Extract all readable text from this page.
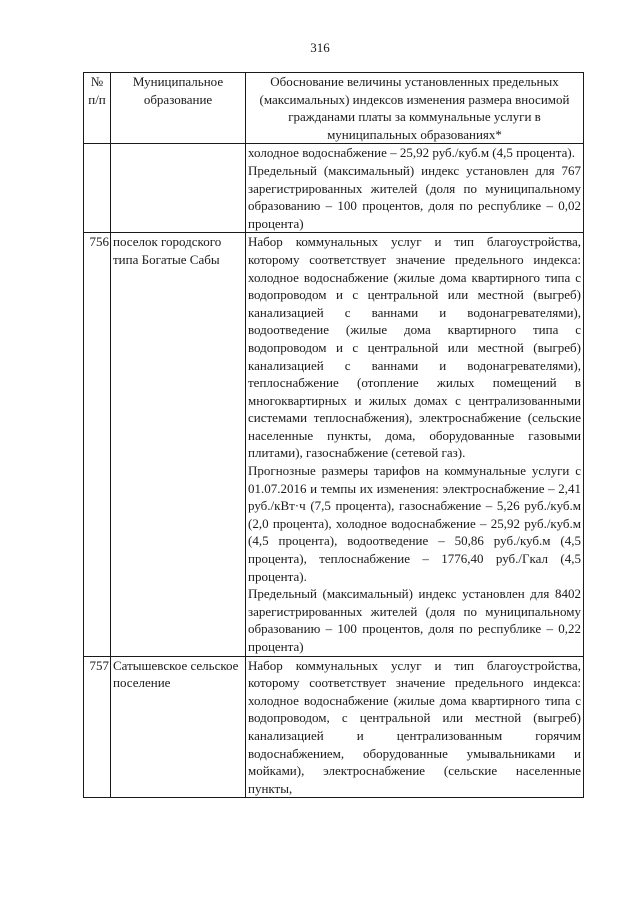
316
№ п/п	Муниципальное образование	Обоснование величины установленных предельных (максимальных) индексов изменения размера вносимой гражданами платы за коммунальные услуги в муниципальных образованиях*

		холодное водоснабжение – 25,92 руб./куб.м (4,5 процента).

Предельный (максимальный) индекс установлен для 767 зарегистрированных жителей (доля по муниципальному образованию – 100 процентов, доля по республике – 0,02 процента)

756	поселок городского типа Богатые Сабы	Набор коммунальных услуг и тип благоустройства, которому соответствует значение предельного индекса: холодное водоснабжение (жилые дома квартирного типа с водопроводом и с центральной или местной (выгреб) канализацией с ваннами и водонагревателями), водоотведение (жилые дома квартирного типа с водопроводом и с центральной или местной (выгреб) канализацией с ваннами и водонагревателями), теплоснабжение (отопление жилых помещений в многоквартирных и жилых домах с централизованными системами теплоснабжения), электроснабжение (сельские населенные пункты, дома, оборудованные газовыми плитами), газоснабжение (сетевой газ).

Прогнозные размеры тарифов на коммунальные услуги с 01.07.2016 и темпы их изменения: электроснабжение – 2,41 руб./кВт·ч (7,5 процента), газоснабжение – 5,26 руб./куб.м (2,0 процента), холодное водоснабжение – 25,92 руб./куб.м (4,5 процента), водоотведение – 50,86 руб./куб.м (4,5 процента), теплоснабжение – 1776,40 руб./Гкал (4,5 процента).

Предельный (максимальный) индекс установлен для 8402 зарегистрированных жителей (доля по муниципальному образованию – 100 процентов, доля по республике – 0,22 процента)

757	Сатышевское сельское поселение	Набор коммунальных услуг и тип благоустройства, которому соответствует значение предельного индекса: холодное водоснабжение (жилые дома квартирного типа с водопроводом, с центральной или местной (выгреб) канализацией и централизованным горячим водоснабжением, оборудованные умывальниками и мойками), электроснабжение (сельские населенные пункты,
